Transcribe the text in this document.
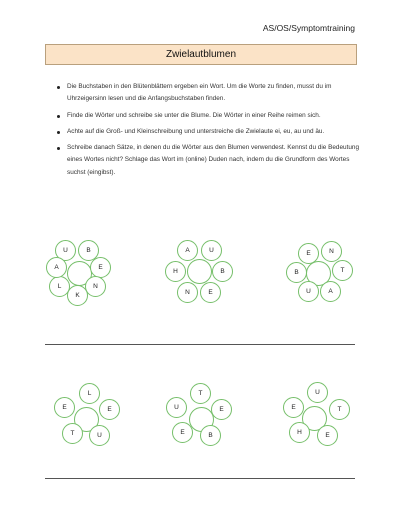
AS/OS/Symptomtraining
Zwielautblumen
Die Buchstaben in den Blütenblättern ergeben ein Wort. Um die Worte zu finden, musst du im Uhrzeigersinn lesen und die Anfangsbuchstaben finden.
Finde die Wörter und schreibe sie unter die Blume. Die Wörter in einer Reihe reimen sich.
Achte auf die Groß- und Kleinschreibung und unterstreiche die Zwielaute ei, eu, au und äu.
Schreibe danach Sätze, in denen du die Wörter aus den Blumen verwendest. Kennst du die Bedeutung eines Wortes nicht? Schlage das Wort im (online) Duden nach, indem du die Grundform des Wortes suchst (eingibst).
U	B
E
N
K
L
A
A	U
B
E
N
H
E	N
T
A
U
B
L
E
U
T
E
T
E
B
E
U
U
T
E
H
E
